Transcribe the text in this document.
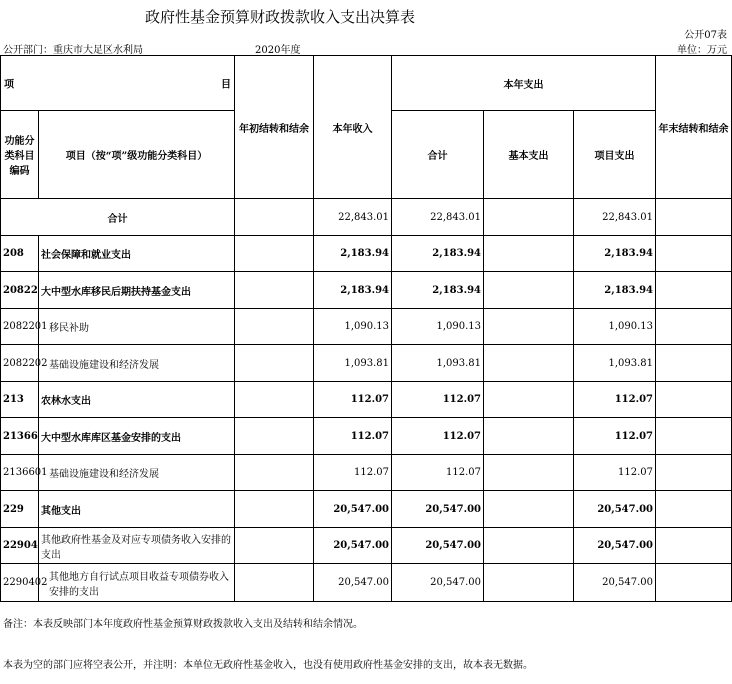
政府性基金预算财政拨款收入支出决算表
公开07表
公开部门：重庆市大足区水利局	2020年度	单位：万元
项 目		年初结转和结余	本年收入	本年支出			年末结转和结余
功能分类科目编码	项目（按“项”级功能分类科目）			合计	基本支出	项目支出	
合计			22,843.01	22,843.01		22,843.01	
208	社会保障和就业支出		2,183.94	2,183.94		2,183.94	
20822	大中型水库移民后期扶持基金支出		2,183.94	2,183.94		2,183.94	
2082201	移民补助		1,090.13	1,090.13		1,090.13	
2082202	基础设施建设和经济发展		1,093.81	1,093.81		1,093.81	
213	农林水支出		112.07	112.07		112.07	
21366	大中型水库库区基金安排的支出		112.07	112.07		112.07	
2136601	基础设施建设和经济发展		112.07	112.07		112.07	
229	其他支出		20,547.00	20,547.00		20,547.00	
22904	其他政府性基金及对应专项债务收入安排的支出		20,547.00	20,547.00		20,547.00	
2290402	其他地方自行试点项目收益专项债券收入安排的支出		20,547.00	20,547.00		20,547.00	
备注：本表反映部门本年度政府性基金预算财政拨款收入支出及结转和结余情况。
本表为空的部门应将空表公开，并注明：本单位无政府性基金收入，也没有使用政府性基金安排的支出，故本表无数据。
